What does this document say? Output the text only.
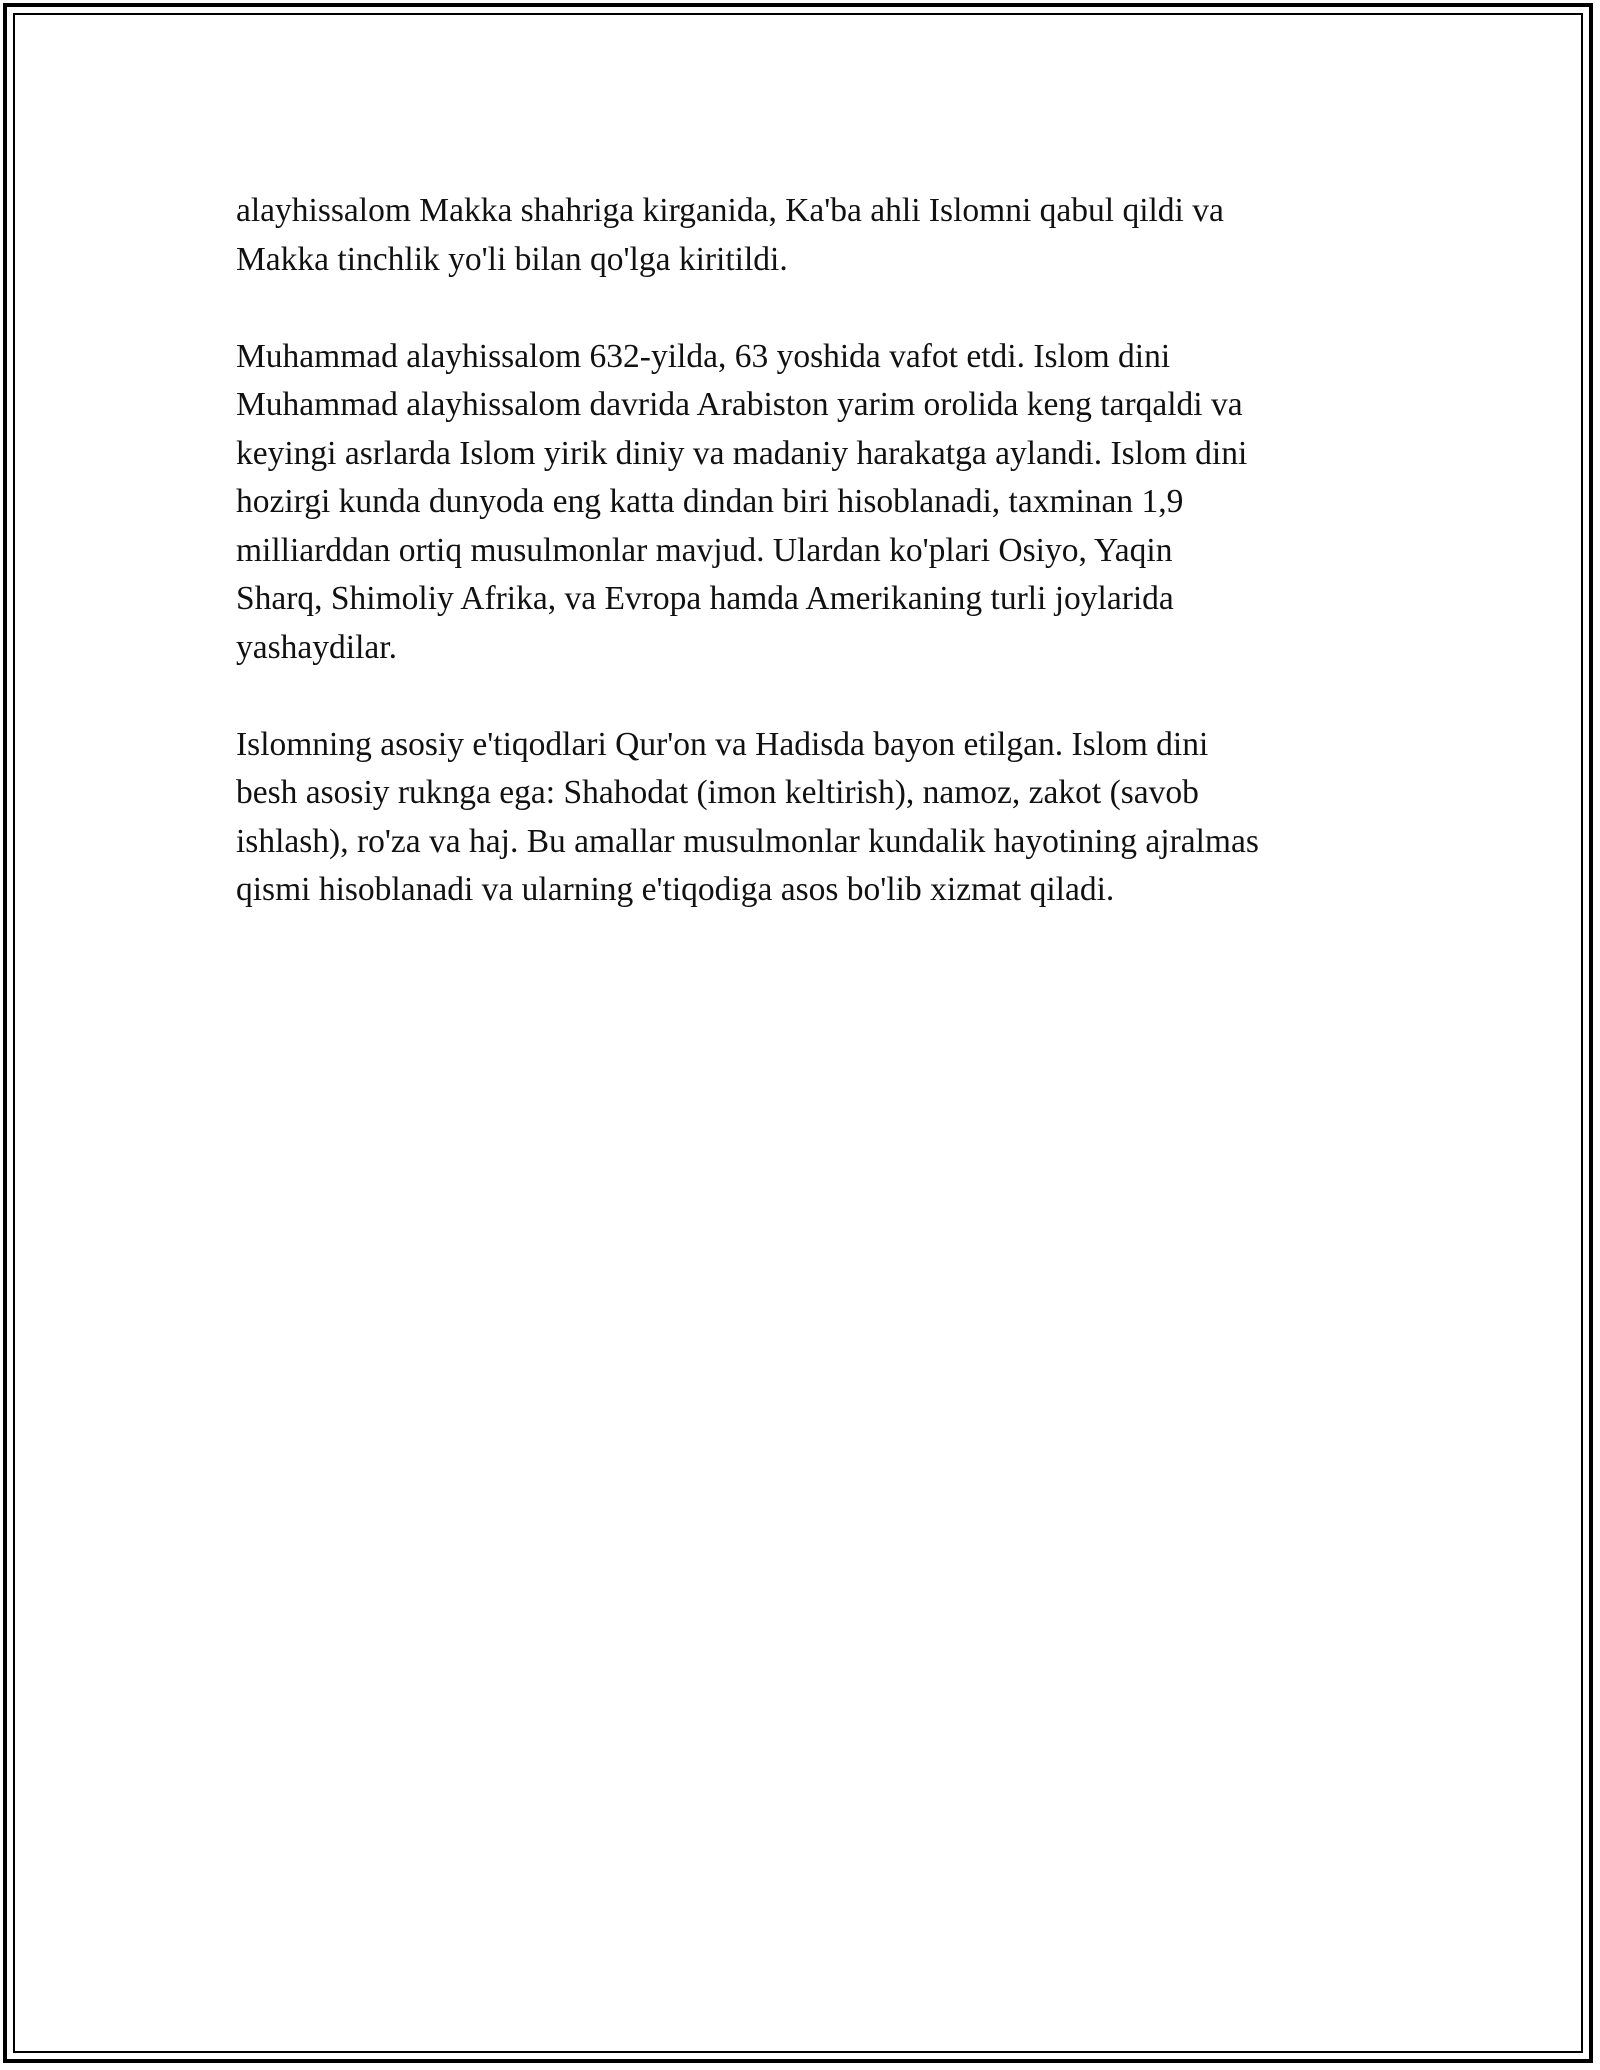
alayhissalom Makka shahriga kirganida, Ka'ba ahli Islomni qabul qildi va
Makka tinchlik yo'li bilan qo'lga kiritildi.

Muhammad alayhissalom 632-yilda, 63 yoshida vafot etdi. Islom dini
Muhammad alayhissalom davrida Arabiston yarim orolida keng tarqaldi va
keyingi asrlarda Islom yirik diniy va madaniy harakatga aylandi. Islom dini
hozirgi kunda dunyoda eng katta dindan biri hisoblanadi, taxminan 1,9
milliarddan ortiq musulmonlar mavjud. Ulardan ko'plari Osiyo, Yaqin
Sharq, Shimoliy Afrika, va Evropa hamda Amerikaning turli joylarida
yashaydilar.

Islomning asosiy e'tiqodlari Qur'on va Hadisda bayon etilgan. Islom dini
besh asosiy ruknga ega: Shahodat (imon keltirish), namoz, zakot (savob
ishlash), ro'za va haj. Bu amallar musulmonlar kundalik hayotining ajralmas
qismi hisoblanadi va ularning e'tiqodiga asos bo'lib xizmat qiladi.
